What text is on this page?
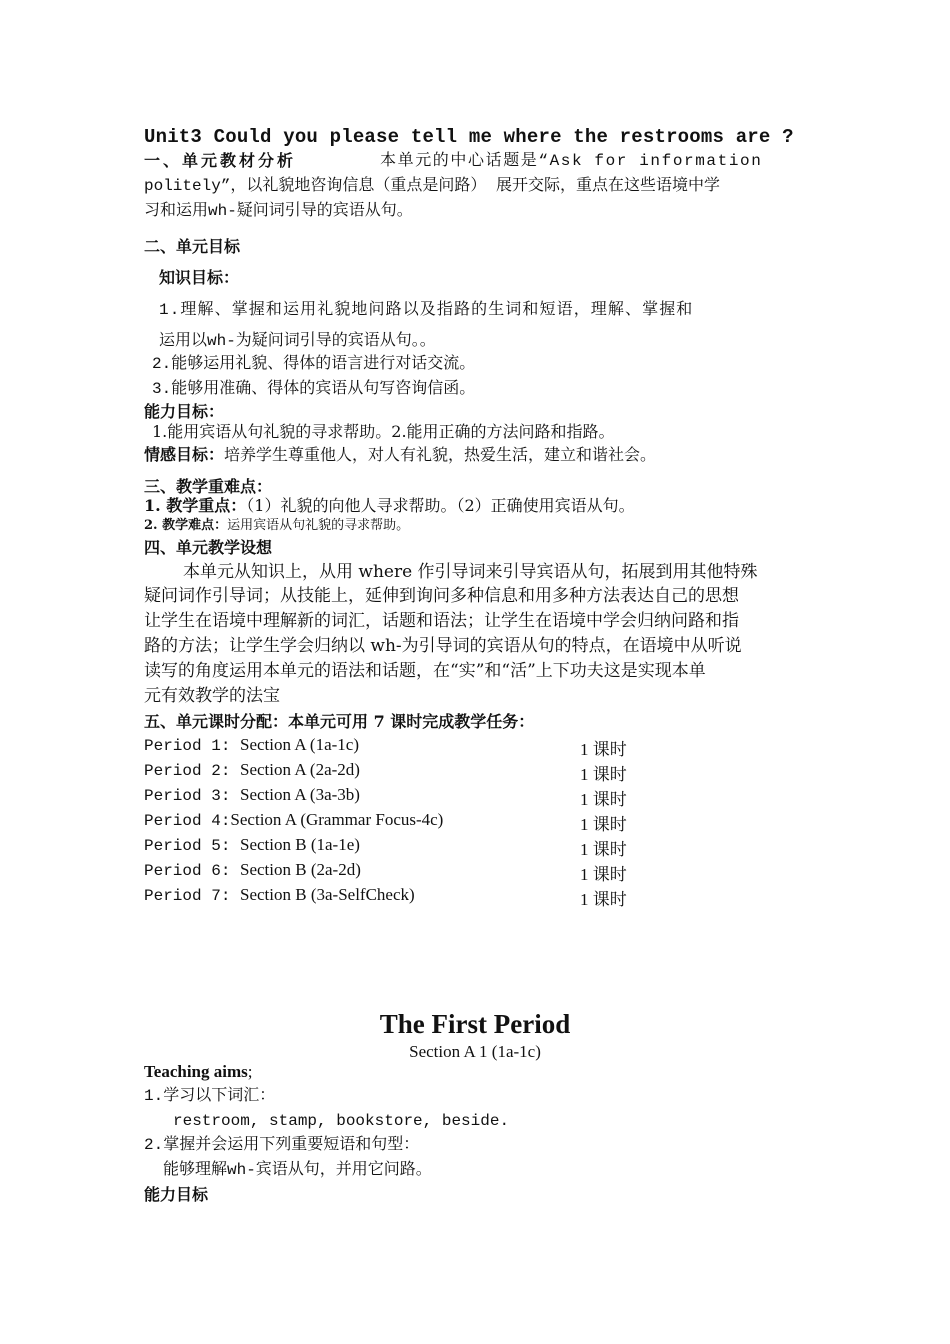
Unit3 Could you please tell me where the restrooms are ?
一、单元教材分析	本单元的中心话题是“Ask for information
politely”，以礼貌地咨询信息（重点是问路） 展开交际，重点在这些语境中学
习和运用wh-疑问词引导的宾语从句。
二、单元目标
知识目标：
1.理解、掌握和运用礼貌地问路以及指路的生词和短语，理解、掌握和
运用以wh-为疑问词引导的宾语从句。。
2.能够运用礼貌、得体的语言进行对话交流。
3.能够用准确、得体的宾语从句写咨询信函。
能力目标：
1.能用宾语从句礼貌的寻求帮助。2.能用正确的方法问路和指路。
情感目标：培养学生尊重他人，对人有礼貌，热爱生活，建立和谐社会。
三、教学重难点：
1. 教学重点：（1）礼貌的向他人寻求帮助。（2）正确使用宾语从句。
2. 教学难点：运用宾语从句礼貌的寻求帮助。
四、单元教学设想
本单元从知识上，从用 where 作引导词来引导宾语从句，拓展到用其他特殊
疑问词作引导词；从技能上，延伸到询问多种信息和用多种方法表达自己的思想
让学生在语境中理解新的词汇，话题和语法；让学生在语境中学会归纳问路和指
路的方法；让学生学会归纳以 wh-为引导词的宾语从句的特点，在语境中从听说
读写的角度运用本单元的语法和话题，在“实”和“活”上下功夫这是实现本单
元有效教学的法宝
五、单元课时分配：本单元可用 7 课时完成教学任务：
Period 1: Section A (1a-1c)	1 课时
Period 2: Section A (2a-2d)	1 课时
Period 3: Section A (3a-3b)	1 课时
Period 4:Section A (Grammar Focus-4c)	1 课时
Period 5: Section B (1a-1e)	1 课时
Period 6: Section B (2a-2d)	1 课时
Period 7: Section B (3a-SelfCheck)	1 课时
The First Period
Section A 1 (1a-1c)
Teaching aims;
1.学习以下词汇：
restroom, stamp, bookstore, beside.
2.掌握并会运用下列重要短语和句型：
能够理解wh-宾语从句，并用它问路。
能力目标
